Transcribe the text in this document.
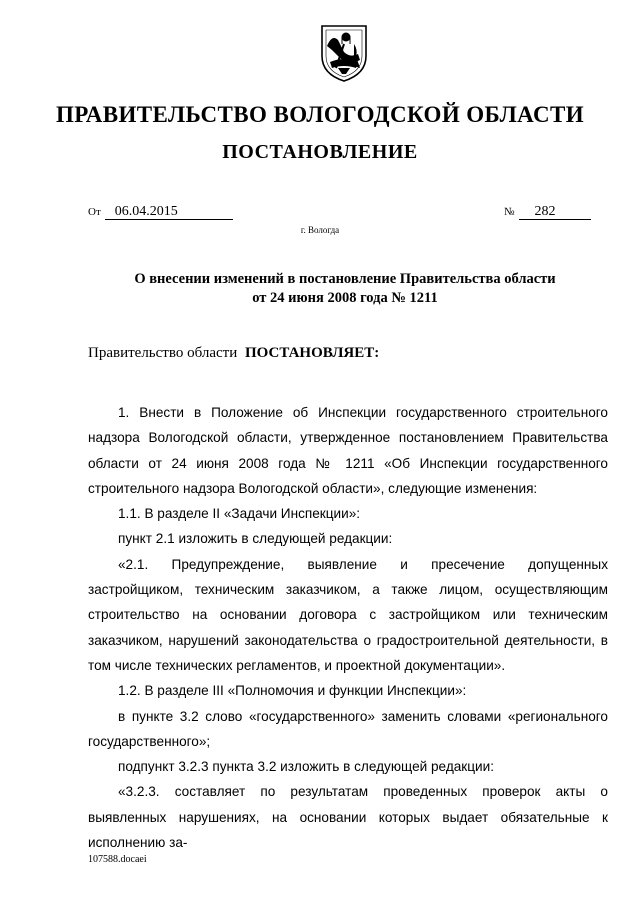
ПРАВИТЕЛЬСТВО ВОЛОГОДСКОЙ ОБЛАСТИ
ПОСТАНОВЛЕНИЕ
От 06.04.2015	№ 282
г. Вологда
О внесении изменений в постановление Правительства области
от 24 июня 2008 года № 1211
Правительство области ПОСТАНОВЛЯЕТ:

1. Внести в Положение об Инспекции государственного строительного надзора Вологодской области, утвержденное постановлением Правительства области от 24 июня 2008 года № 1211 «Об Инспекции государственного строительного надзора Вологодской области», следующие изменения:

1.1. В разделе II «Задачи Инспекции»:

пункт 2.1 изложить в следующей редакции:

«2.1. Предупреждение, выявление и пресечение допущенных застройщиком, техническим заказчиком, а также лицом, осуществляющим строительство на основании договора с застройщиком или техническим заказчиком, нарушений законодательства о градостроительной деятельности, в том числе технических регламентов, и проектной документации».

1.2. В разделе III «Полномочия и функции Инспекции»:

в пункте 3.2 слово «государственного» заменить словами «регионального государственного»;

подпункт 3.2.3 пункта 3.2 изложить в следующей редакции:

«3.2.3. составляет по результатам проведенных проверок акты о выявленных нарушениях, на основании которых выдает обязательные к исполнению за-

107588.docaei
